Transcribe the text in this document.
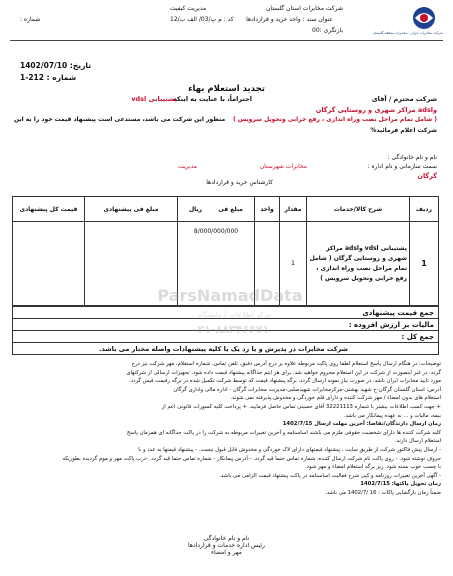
شرکت مخابرات ایران - مخابرات منطقه گلستان
شرکت مخابرات استان گلستان
مدیریت کیفیت
کد : م پ/03/ الف ب/12 عنوان سند : واحد خرید و قراردادها
شماره :
بازنگری :00
تاریخ: 1402/07/10
شماره : 212-1
تجدید استعلام بهاء
شرکت محترم / آقای
احتراماً، با عنایت به اینکه
پشتیبانی vdsl
وadsl مراکز شهری و روستایی گرگان
( شامل تمام مراحل نصب وراه اندازی ، رفع خرابی وتحویل سرویس )
منظور این شرکت می باشد، مستدعی است پیشنهاد قیمت خود را به این
شرکت اعلام فرمائید%
نام و نام خانوادگی :
سمت سازمانی و نام اداره :
مدیریت	مخابرات شهرستان
گرگان
کارشناس خرید و قراردادها
ردیف	شرح کالا/خدمات	مقدار	واحد	مبلغ فی ریال	مبلغ فی پیشنهادی	قیمت کل پیشنهادی
1	پشتیبانی vdsl وadsl مراکز شهری و روستایی گرگان ( شامل تمام مراحل نصب وراه اندازی ، رفع خرابی وتحویل سرویس )	1		8/000/000/000		
جمع قیمت پیشنهادی
مالیات بر ارزش افزوده :
جمع کل :
شرکت مخابرات در پذیرش و یا رد یک یا کلیه پیشنهادات واصله مختار می باشد.
ParsNamadData
مرکز اطلاعات آزمایشگاه ...
۰۲۱-۸۸۳۴۶۶۷۱
توضیحات: در هنگام ارسال پاسخ استعلام لطفا روی پاکت مربوطه علاوه بر درج آدرس دقیق، تلفن تماس، شماره استعلام، مهر شرکت نیز درج
گردد. در غیر اینصورت از شرکت در این استعلام محروم خواهید شد. برای هر ایتم جداگانه پیشنهاد قیمت داده شود. تجهیزات ارسالی از شرکتهای
مورد تایید مخابرات ایران باشد. در صورت نیاز نمونه ارسال گردد، برگه پیشنهاد قیمت که توسط شرکت تکمیل شده در برگه رقیمت فیس گردد.
آدرس: استان گلستان گرگان-خ شهید بهشتی-مرکزمخابرات شهیدصلبی-مدیریت مخابرات گرگان - اداره مالی واداری گرگان
استعلام های بدون امضاء / مهر شرکت کننده و دارای قلم خوردگی و مخدوش پذیرفته نمی شوند.
+ جهت کسب اطلاعات بیشتر با شماره 32221113 آقای حسینی تماس حاصل فرمایید. + پرداخت کلیه کسورات قانونی اعم از
بیمه، مالیات و ... به عهده پیمانکار می باشد.
زمان ارسال دارندگان/تقاضا: آخرین مهلت ارسال 1402/7/15
کلیه شرکت کننده ها دارای شخصیت حقوقی ملزم می باشند اساسنامه و آخرین تغییرات مربوطه به شرکت را در پاکت جداگانه ای همزمان پاسخ
استعلام ارسال دارند.
- ارسال پیش فاکتور شرکت از طریق سایت ، پیشنهاد قیمتهای دارای لاک خوردگی و مخدوش قابل قبول نیست. - پیشنهاد قیمتها به عدد و با
حروف نوشته شود. - روی پاکت نام شرکت ارسال کننده، شماره تماس حتما قید گردد. - آدرس پیمانکار - شماره تماس حتما قید گردد. -درب پاکت مهر و موم گردیده بطوریکه
با چسب خوب بسته شود. زیر برگه استعلام امضاء و مهر شود.
- آگهی آخرین تغییرات روزنامه و کپی شرح فعالیت اساسنامه در پاکت پیشنهاد قیمت الزامی می باشد.
زمان تحویل پاکتها: 1402/7/15
ضمناً زمان بازگشایی پاکات : 16 /1402/7 می باشد.
نام و نام خانوادگی
رئیس اداره خدمات و قراردادها
مهر و امضاء
